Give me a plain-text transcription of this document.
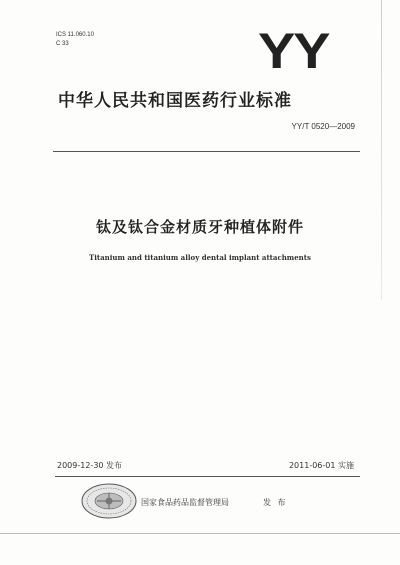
ICS 11.060.10
C 33	YY
中华人民共和国医药行业标准
YY/T 0520—2009
钛及钛合金材质牙种植体附件
Titanium and titanium alloy dental implant attachments
2009-12-30 发布	2011-06-01 实施
国家食品药品监督管理局	发 布
